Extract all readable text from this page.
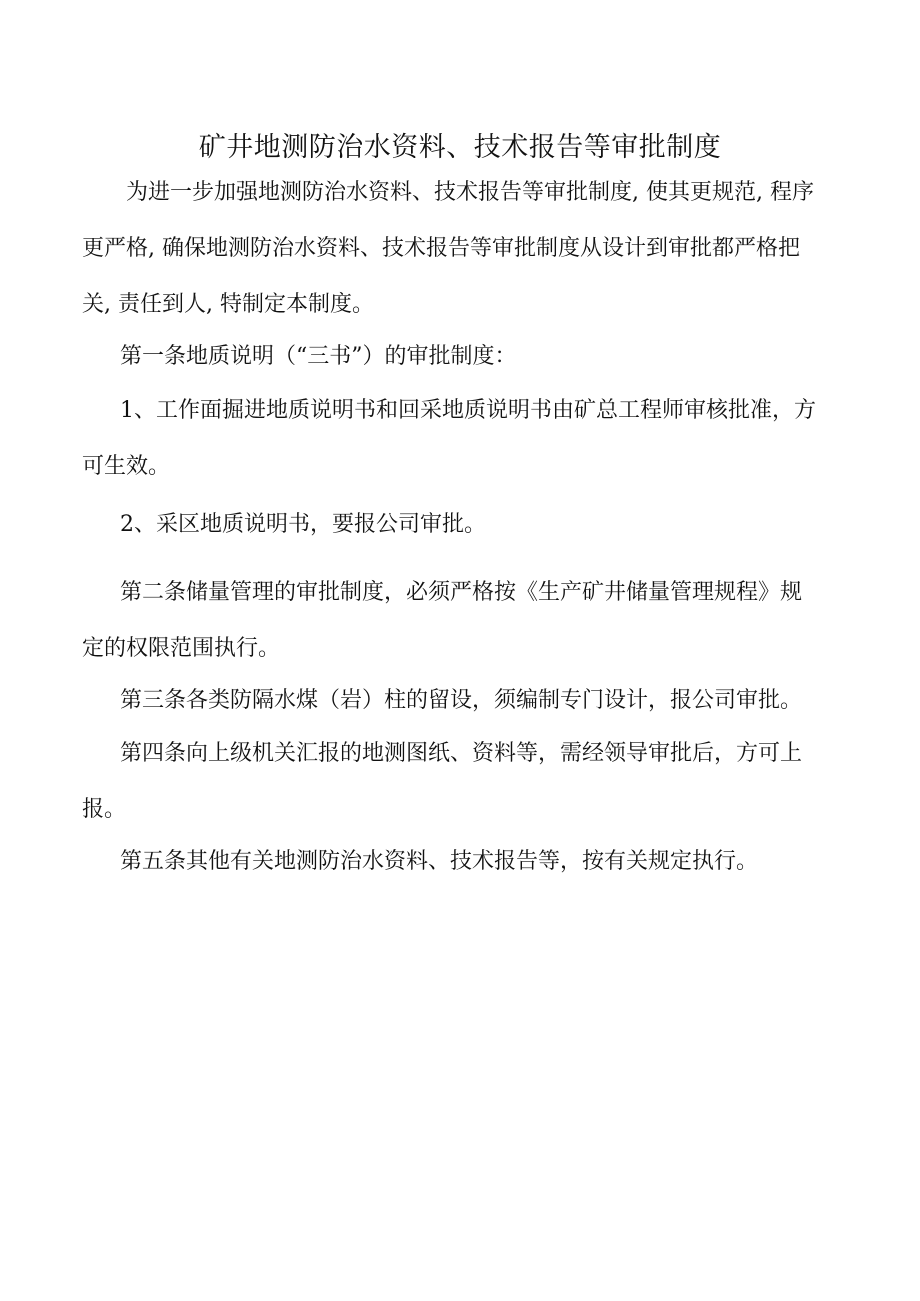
矿井地测防治水资料、技术报告等审批制度
为进一步加强地测防治水资料、技术报告等审批制度, 使其更规范, 程序
更严格, 确保地测防治水资料、技术报告等审批制度从设计到审批都严格把
关, 责任到人, 特制定本制度。
第一条地质说明（“三书”）的审批制度：
1、工作面掘进地质说明书和回采地质说明书由矿总工程师审核批准，方
可生效。
2、采区地质说明书，要报公司审批。
第二条储量管理的审批制度，必须严格按《生产矿井储量管理规程》规
定的权限范围执行。
第三条各类防隔水煤（岩）柱的留设，须编制专门设计，报公司审批。
第四条向上级机关汇报的地测图纸、资料等，需经领导审批后，方可上
报。
第五条其他有关地测防治水资料、技术报告等，按有关规定执行。
